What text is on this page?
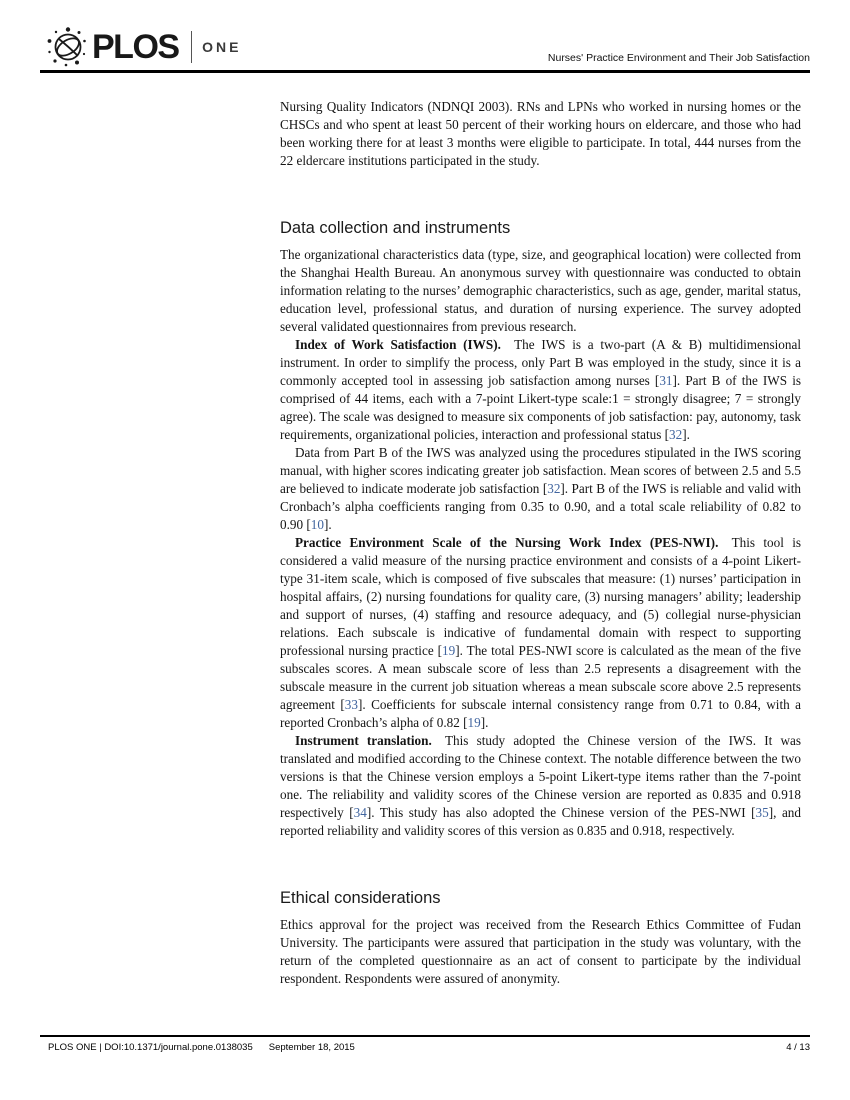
PLOS ONE
Nurses' Practice Environment and Their Job Satisfaction

Nursing Quality Indicators (NDNQI 2003). RNs and LPNs who worked in nursing homes or the CHSCs and who spent at least 50 percent of their working hours on eldercare, and those who had been working there for at least 3 months were eligible to participate. In total, 444 nurses from the 22 eldercare institutions participated in the study.

Data collection and instruments

The organizational characteristics data (type, size, and geographical location) were collected from the Shanghai Health Bureau. An anonymous survey with questionnaire was conducted to obtain information relating to the nurses’ demographic characteristics, such as age, gender, marital status, education level, professional status, and duration of nursing experience. The survey adopted several validated questionnaires from previous research.

Index of Work Satisfaction (IWS). The IWS is a two-part (A & B) multidimensional instrument. In order to simplify the process, only Part B was employed in the study, since it is a commonly accepted tool in assessing job satisfaction among nurses [31]. Part B of the IWS is comprised of 44 items, each with a 7-point Likert-type scale:1 = strongly disagree; 7 = strongly agree). The scale was designed to measure six components of job satisfaction: pay, autonomy, task requirements, organizational policies, interaction and professional status [32].

Data from Part B of the IWS was analyzed using the procedures stipulated in the IWS scoring manual, with higher scores indicating greater job satisfaction. Mean scores of between 2.5 and 5.5 are believed to indicate moderate job satisfaction [32]. Part B of the IWS is reliable and valid with Cronbach’s alpha coefficients ranging from 0.35 to 0.90, and a total scale reliability of 0.82 to 0.90 [10].

Practice Environment Scale of the Nursing Work Index (PES-NWI). This tool is considered a valid measure of the nursing practice environment and consists of a 4-point Likert-type 31-item scale, which is composed of five subscales that measure: (1) nurses’ participation in hospital affairs, (2) nursing foundations for quality care, (3) nursing managers’ ability; leadership and support of nurses, (4) staffing and resource adequacy, and (5) collegial nurse-physician relations. Each subscale is indicative of fundamental domain with respect to supporting professional nursing practice [19]. The total PES-NWI score is calculated as the mean of the five subscales scores. A mean subscale score of less than 2.5 represents a disagreement with the subscale measure in the current job situation whereas a mean subscale score above 2.5 represents agreement [33]. Coefficients for subscale internal consistency range from 0.71 to 0.84, with a reported Cronbach’s alpha of 0.82 [19].

Instrument translation. This study adopted the Chinese version of the IWS. It was translated and modified according to the Chinese context. The notable difference between the two versions is that the Chinese version employs a 5-point Likert-type items rather than the 7-point one. The reliability and validity scores of the Chinese version are reported as 0.835 and 0.918 respectively [34]. This study has also adopted the Chinese version of the PES-NWI [35], and reported reliability and validity scores of this version as 0.835 and 0.918, respectively.

Ethical considerations

Ethics approval for the project was received from the Research Ethics Committee of Fudan University. The participants were assured that participation in the study was voluntary, with the return of the completed questionnaire as an act of consent to participate by the individual respondent. Respondents were assured of anonymity.

PLOS ONE | DOI:10.1371/journal.pone.0138035 September 18, 2015	4 / 13
